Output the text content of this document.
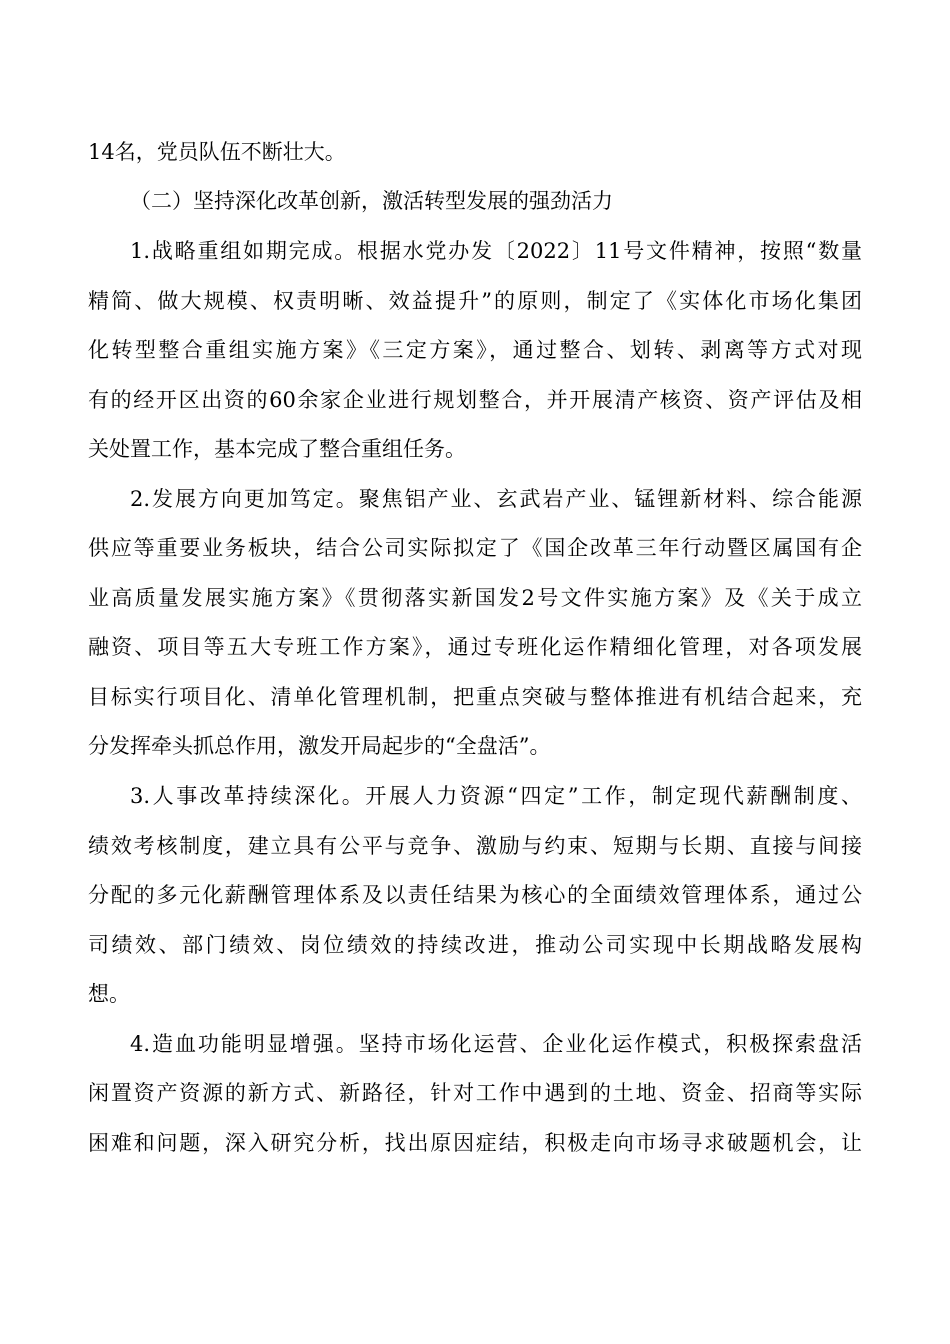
14名，党员队伍不断壮大。
（二）坚持深化改革创新，激活转型发展的强劲活力
1.战略重组如期完成。根据水党办发〔2022〕11号文件精神，按照“数量
精简、做大规模、权责明晰、效益提升”的原则，制定了《实体化市场化集团
化转型整合重组实施方案》《三定方案》，通过整合、划转、剥离等方式对现
有的经开区出资的60余家企业进行规划整合，并开展清产核资、资产评估及相
关处置工作，基本完成了整合重组任务。
2.发展方向更加笃定。聚焦铝产业、玄武岩产业、锰锂新材料、综合能源
供应等重要业务板块，结合公司实际拟定了《国企改革三年行动暨区属国有企
业高质量发展实施方案》《贯彻落实新国发2号文件实施方案》及《关于成立
融资、项目等五大专班工作方案》，通过专班化运作精细化管理，对各项发展
目标实行项目化、清单化管理机制，把重点突破与整体推进有机结合起来，充
分发挥牵头抓总作用，激发开局起步的“全盘活”。
3.人事改革持续深化。开展人力资源“四定”工作，制定现代薪酬制度、
绩效考核制度，建立具有公平与竞争、激励与约束、短期与长期、直接与间接
分配的多元化薪酬管理体系及以责任结果为核心的全面绩效管理体系，通过公
司绩效、部门绩效、岗位绩效的持续改进，推动公司实现中长期战略发展构
想。
4.造血功能明显增强。坚持市场化运营、企业化运作模式，积极探索盘活
闲置资产资源的新方式、新路径，针对工作中遇到的土地、资金、招商等实际
困难和问题，深入研究分析，找出原因症结，积极走向市场寻求破题机会，让
